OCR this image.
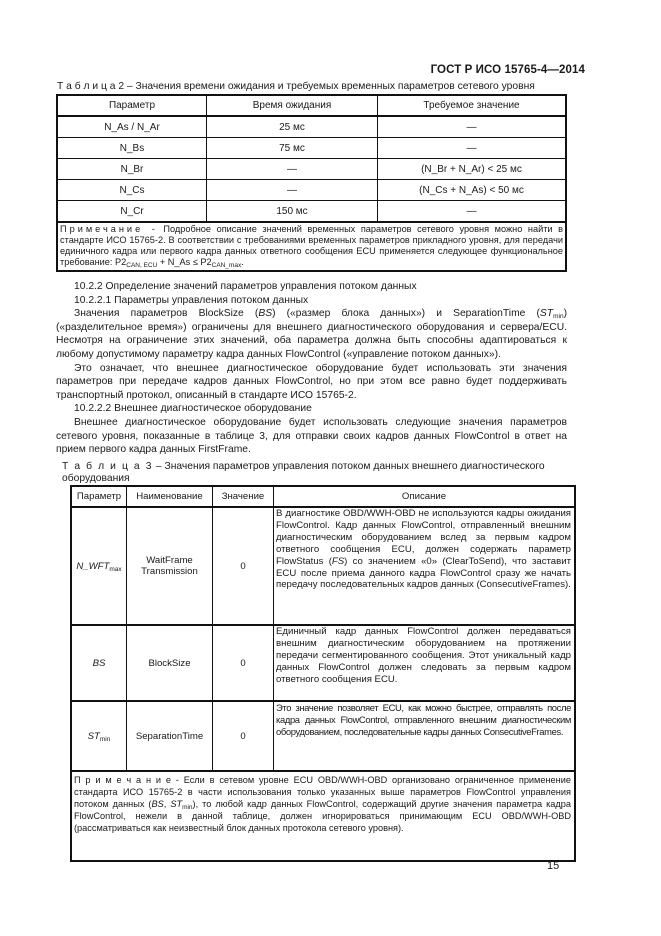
ГОСТ Р ИСО 15765-4—2014
Т а б л и ц а 2 – Значения времени ожидания и требуемых временных параметров сетевого уровня
Параметр	Время ожидания	Требуемое значение
N_As / N_Ar	25 мс	—
N_Bs	75 мс	—
N_Br	—	(N_Br + N_Ar) < 25 мс
N_Cs	—	(N_Cs + N_As) < 50 мс
N_Cr	150 мс	—
Примечание - Подробное описание значений временных параметров сетевого уровня можно найти в стандарте ИСО 15765-2. В соответствии с требованиями временных параметров прикладного уровня, для передачи единичного кадра или первого кадра данных ответного сообщения ECU применяется следующее функциональное требование: $P2_{CAN, ECU}$ + N_As ≤ $P2_{CAN\_max}$.		

10.2.2 Определение значений параметров управления потоком данных

10.2.2.1 Параметры управления потоком данных

Значения параметров BlockSize (BS) («размер блока данных») и SeparationTime $(ST_{min})$ («разделительное время») ограничены для внешнего диагностического оборудования и сервера/ECU. Несмотря на ограничение этих значений, оба параметра должна быть способны адаптироваться к любому допустимому параметру кадра данных FlowControl («управление потоком данных»).

Это означает, что внешнее диагностическое оборудование будет использовать эти значения параметров при передаче кадров данных FlowControl, но при этом все равно будет поддерживать транспортный протокол, описанный в стандарте ИСО 15765-2.

10.2.2.2 Внешнее диагностическое оборудование

Внешнее диагностическое оборудование будет использовать следующие значения параметров сетевого уровня, показанные в таблице 3, для отправки своих кадров данных FlowControl в ответ на прием первого кадра данных FirstFrame.

Т а б л и ц а 3 – Значения параметров управления потоком данных внешнего диагностического
оборудования
Параметр	Наименование	Значение	Описание
$N\_WFT_{max}$	WaitFrame Transmission	0	В диагностике OBD/WWH-OBD не используются кадры ожидания FlowControl. Кадр данных FlowControl, отправленный внешним диагностическим оборудованием вслед за первым кадром ответного сообщения ECU, должен содержать параметр FlowStatus (FS) со значением «0» (ClearToSend), что заставит ECU после приема данного кадра FlowControl сразу же начать передачу последовательных кадров данных (ConsecutiveFrames).
BS	BlockSize	0	Единичный кадр данных FlowControl должен передаваться внешним диагностическим оборудованием на протяжении передачи сегментированного сообщения. Этот уникальный кадр данных FlowControl должен следовать за первым кадром ответного сообщения ECU.
$ST_{min}$	SeparationTime	0	Это значение позволяет ECU, как можно быстрее, отправлять после кадра данных FlowControl, отправленного внешним диагностическим оборудованием, последовательные кадры данных ConsecutiveFrames.
П р и м е ч а н и е - Если в сетевом уровне ECU OBD/WWH-OBD организовано ограниченное применение стандарта ИСО 15765-2 в части использования только указанных выше параметров FlowControl управления потоком данных (BS, $ST_{min}$), то любой кадр данных FlowControl, содержащий другие значения параметра кадра FlowControl, нежели в данной таблице, должен игнорироваться принимающим ECU OBD/WWH-OBD (рассматриваться как неизвестный блок данных протокола сетевого уровня).			
15
